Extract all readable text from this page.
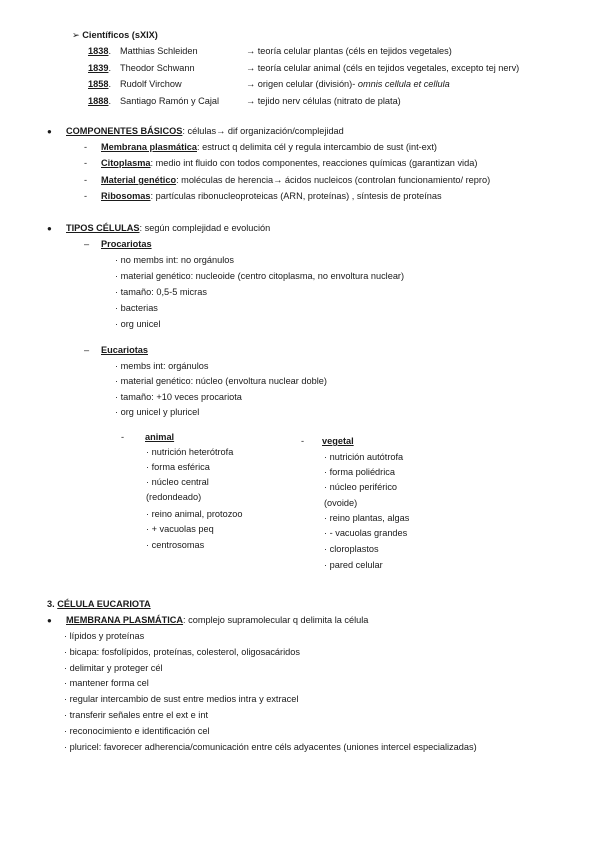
➢ Científicos (sXIX)
1838. Matthias Schleiden	→ teoría celular plantas (céls en tejidos vegetales)
1839. Theodor Schwann	→ teoría celular animal (céls en tejidos vegetales, excepto tej nerv)
1858. Rudolf Virchow	→ origen celular (división)- omnis cellula et cellula
1888. Santiago Ramón y Cajal	→ tejido nerv células (nitrato de plata)
● COMPONENTES BÁSICOS: células→ dif organización/complejidad
- Membrana plasmática: estruct q delimita cél y regula intercambio de sust (int-ext)
- Citoplasma: medio int fluido con todos componentes, reacciones químicas (garantizan vida)
- Material genético: moléculas de herencia→ ácidos nucleicos (controlan funcionamiento/ repro)
- Ribosomas: partículas ribonucleoproteicas (ARN, proteínas) , síntesis de proteínas
● TIPOS CÉLULAS: según complejidad e evolución
– Procariotas
· no membs int: no orgánulos
· material genético: nucleoide (centro citoplasma, no envoltura nuclear)
· tamaño: 0,5-5 micras
· bacterias
· org unicel
– Eucariotas
· membs int: orgánulos
· material genético: núcleo (envoltura nuclear doble)
· tamaño: +10 veces procariota
· org unicel y pluricel
- animal
· nutrición heterótrofa
· forma esférica
· núcleo central
(redondeado)
· reino animal, protozoo
· + vacuolas peq
· centrosomas
- vegetal
· nutrición autótrofa
· forma poliédrica
· núcleo periférico
(ovoide)
· reino plantas, algas
· - vacuolas grandes
· cloroplastos
· pared celular
3. CÉLULA EUCARIOTA
● MEMBRANA PLASMÁTICA: complejo supramolecular q delimita la célula
· lípidos y proteínas
· bicapa: fosfolípidos, proteínas, colesterol, oligosacáridos
· delimitar y proteger cél
· mantener forma cel
· regular intercambio de sust entre medios intra y extracel
· transferir señales entre el ext e int
· reconocimiento e identificación cel
· pluricel: favorecer adherencia/comunicación entre céls adyacentes (uniones intercel especializadas)
